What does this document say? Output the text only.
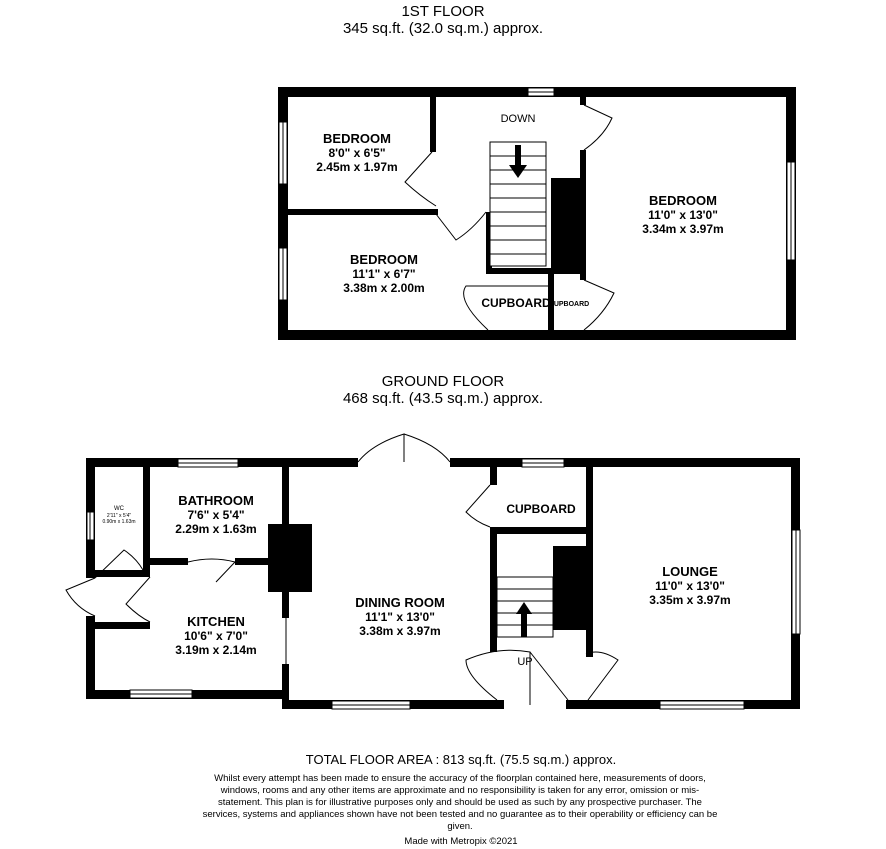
1ST FLOOR
345 sq.ft. (32.0 sq.m.) approx.
GROUND FLOOR
468 sq.ft. (43.5 sq.m.) approx.
DOWN
BEDROOM
8'0" x 6'5"
2.45m x 1.97m
BEDROOM
11'1" x 6'7"
3.38m x 2.00m
BEDROOM
11'0" x 13'0"
3.34m x 3.97m
CUPBOARD
CUPBOARD
WC
2'11" x 5'4"
0.90m x 1.63m
BATHROOM
7'6" x 5'4"
2.29m x 1.63m
KITCHEN
10'6" x 7'0"
3.19m x 2.14m
DINING ROOM
11'1" x 13'0"
3.38m x 3.97m
LOUNGE
11'0" x 13'0"
3.35m x 3.97m
CUPBOARD
UP
TOTAL FLOOR AREA : 813 sq.ft. (75.5 sq.m.) approx.
Whilst every attempt has been made to ensure the accuracy of the floorplan contained here, measurements of doors, windows, rooms and any other items are approximate and no responsibility is taken for any error, omission or mis-statement. This plan is for illustrative purposes only and should be used as such by any prospective purchaser. The services, systems and appliances shown have not been tested and no guarantee as to their operability or efficiency can be given.
Made with Metropix ©2021
